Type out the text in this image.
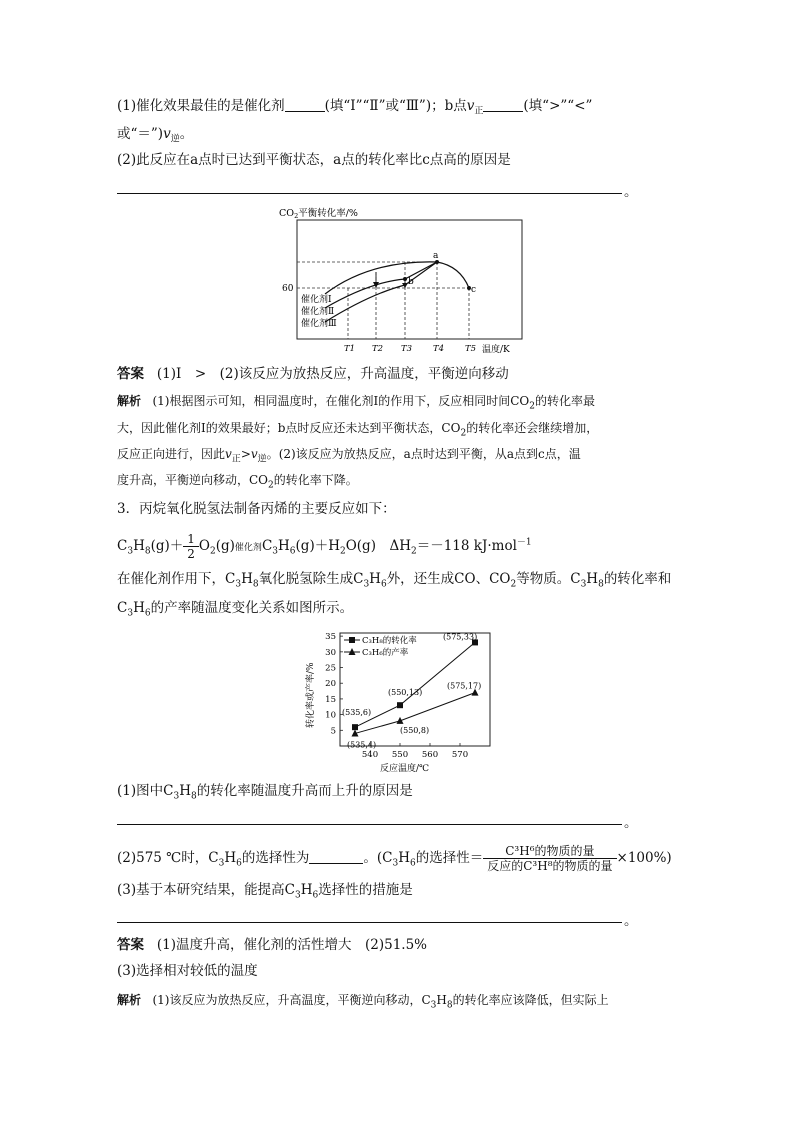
(1)催化效果最佳的是催化剂	(填“Ⅰ”“Ⅱ”或“Ⅲ”)；b点$v_正$	(填“>”“<”
或“$=”)v_逆$。
(2)此反应在a点时已达到平衡状态，a点的转化率比c点高的原因是
。
$CO_2$平衡转化率/%
a
b
c
60
催化剂Ⅰ
催化剂Ⅱ
催化剂Ⅲ
T1 T2 T3 T4 T5 温度/K
答案 (1)Ⅰ　>　(2)该反应为放热反应，升高温度，平衡逆向移动
解析 (1)根据图示可知，相同温度时，在催化剂Ⅰ的作用下，反应相同时间$CO_2$的转化率最
大，因此催化剂Ⅰ的效果最好；b点时反应还未达到平衡状态，$CO_2$的转化率还会继续增加，
反应正向进行，因此$v_正>v_逆$。(2)该反应为放热反应，a点时达到平衡，从a点到c点，温
度升高，平衡逆向移动，$CO_2$的转化率下降。
3．丙烷氧化脱氢法制备丙烯的主要反应如下：
$C_3H_8(g)+ \frac{1}{2} O_2(g)$催化剂$C_3H_6(g)+H_2O(g)$　$\Delta H_2=-118$ kJ·mol$^{-1}$
在催化剂作用下，$C_3H_8$氧化脱氢除生成$C_3H_6$外，还生成CO、$CO_2$等物质。$C_3H_8$的转化率和
$C_3H_6$的产率随温度变化关系如图所示。
5
10
15
20
25
30
35
540 550 560 570
(535,6)
(550,13)
(575,33)
(535,4)
(550,8)
(575,17)
C₃H₈的转化率
C₃H₆的产率
转化率或产率/%
反应温度/℃
(1)图中$C_3H_8$的转化率随温度升高而上升的原因是
。
(2)575 ℃时，$C_3H_6$的选择性为	。($C_3H_6$的选择性＝ $\frac{\text{C³H⁶的物质的量}}{\text{反应的C³H⁸的物质的量}} \times 100\%$)
(3)基于本研究结果，能提高$C_3H_6$选择性的措施是
。
答案 (1)温度升高，催化剂的活性增大　(2)51.5%
(3)选择相对较低的温度
解析 (1)该反应为放热反应，升高温度，平衡逆向移动，$C_3H_8$的转化率应该降低，但实际上
